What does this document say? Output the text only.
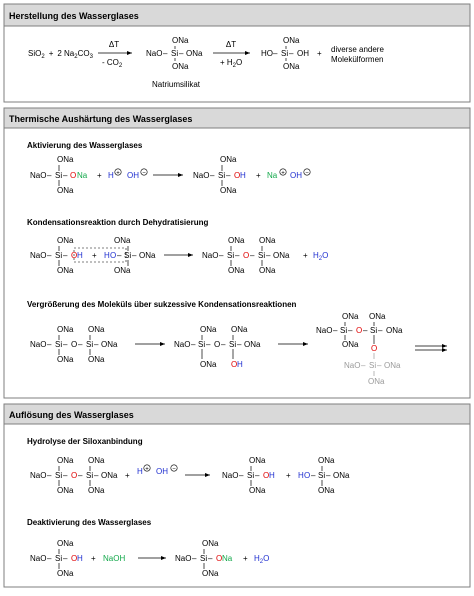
Herstellung des Wasserglases
SiO$_2$ + 2 $Na_2CO_3$
ΔT
- $CO_2$
ONa
NaO – Si – ONa
ONa
Natriumsilikat
ΔT
+ $H_2O$
ONa
HO – Si – OH
ONa
+ diverse andere
Molekülformen
Thermische Aushärtung des Wasserglases
Aktivierung des Wasserglases
ONa
NaO – Si – O Na
ONa
+ H + OH −
ONa
NaO – Si – O H
ONa
+ Na + OH −
Kondensationsreaktion durch Dehydratisierung
ONa
NaO – Si – O H
ONa
+
ONa
H O – Si – ONa
ONa
ONa ONa
NaO – Si – O – Si – ONa
ONa ONa
+ $H_2O$
Vergrößerung des Moleküls über sukzessive Kondensationsreaktionen
ONa ONa
NaO – Si – O – Si – ONa
ONa ONa
ONa ONa
NaO – Si – O – Si – ONa
ONa O H
ONa ONa
NaO – Si – O – Si – ONa
ONa O
NaO – Si – ONa
ONa
Auflösung des Wasserglases
Hydrolyse der Siloxanbindung
ONa ONa
NaO – Si – O – Si – ONa
ONa ONa
+ H + OH −
ONa
NaO – Si – O H
ONa
+
ONa
H O – Si – ONa
ONa
Deaktivierung des Wasserglases
ONa
NaO – Si – O H
ONa
+ NaOH
ONa
NaO – Si – O Na
ONa
+ $H_2O$
